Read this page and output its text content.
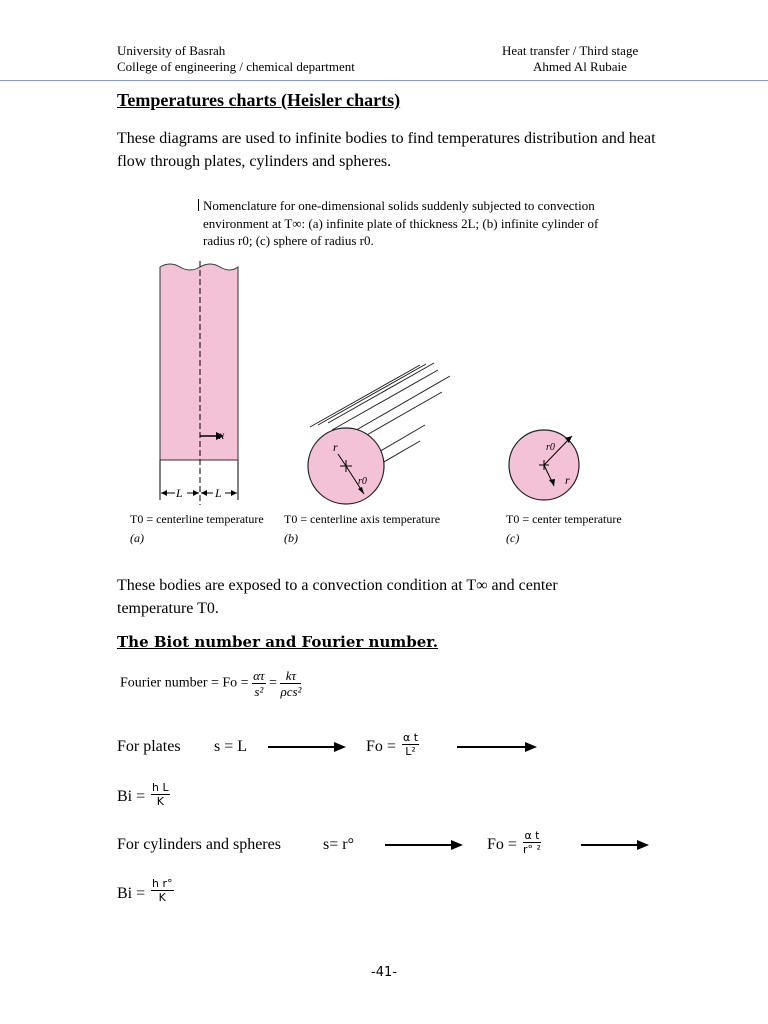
University of Basrah
College of engineering / chemical department
Heat transfer / Third stage
Ahmed Al Rubaie
Temperatures charts (Heisler charts)
These diagrams are used to infinite bodies to find temperatures distribution and heat flow through plates, cylinders and spheres.
Nomenclature for one-dimensional solids suddenly subjected to convection
environment at T∞: (a) infinite plate of thickness 2L; (b) infinite cylinder of
radius r0; (c) sphere of radius r0.
x
L	L
r
r0
r0
r
T0 = centerline temperature
(a)
T0 = centerline axis temperature
(b)
T0 = center temperature
(c)
These bodies are exposed to a convection condition at T∞ and center
temperature T0.
The Biot number and Fourier number.
Fourier number = $Fo = \frac{\alpha\tau}{\text{s²}} = \frac{k\tau}{\text{ρcs²}}$
For plates s = L	$Fo = \frac{\text{α t}}{\text{L²}}$
$Bi = \frac{\text{h L}}{K}$
For cylinders and spheres	s= r°	$Fo = \frac{\text{α t}}{\text{r° ²}}$
$Bi = \frac{\text{h r°}}{K}$
-41-
